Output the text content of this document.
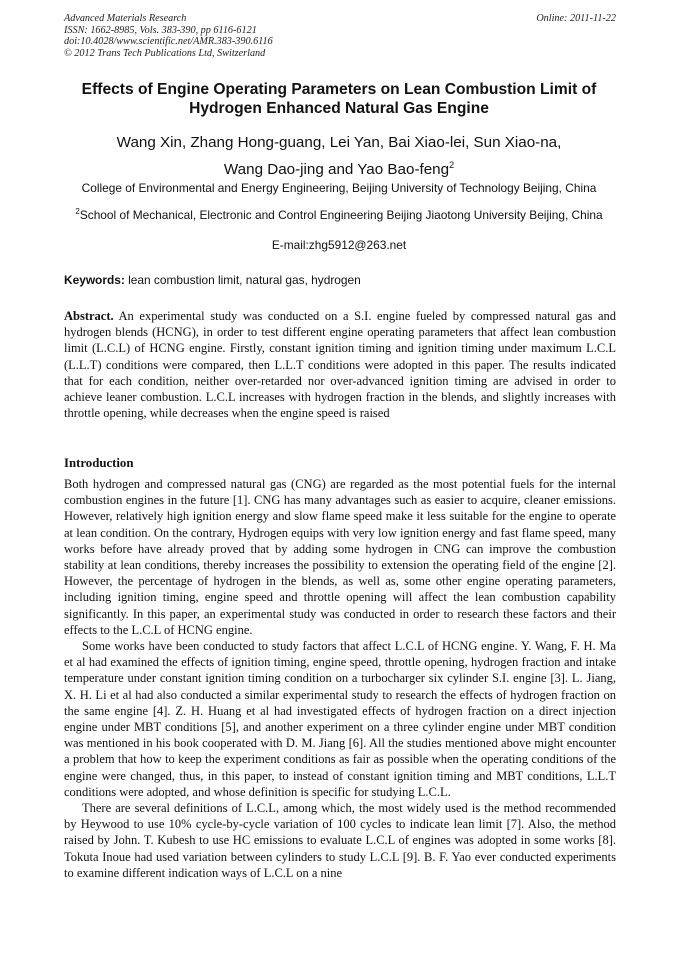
Advanced Materials Research
ISSN: 1662-8985, Vols. 383-390, pp 6116-6121
doi:10.4028/www.scientific.net/AMR.383-390.6116
© 2012 Trans Tech Publications Ltd, Switzerland
Online: 2011-11-22
Effects of Engine Operating Parameters on Lean Combustion Limit of
Hydrogen Enhanced Natural Gas Engine
Wang Xin, Zhang Hong-guang, Lei Yan, Bai Xiao-lei, Sun Xiao-na,
Wang Dao-jing and Yao Bao-feng$^2$
College of Environmental and Energy Engineering, Beijing University of Technology Beijing, China
$^2$School of Mechanical, Electronic and Control Engineering Beijing Jiaotong University Beijing, China
E-mail:zhg5912@263.net
Keywords: lean combustion limit, natural gas, hydrogen

Abstract. An experimental study was conducted on a S.I. engine fueled by compressed natural gas and hydrogen blends (HCNG), in order to test different engine operating parameters that affect lean combustion limit (L.C.L) of HCNG engine. Firstly, constant ignition timing and ignition timing under maximum L.C.L (L.L.T) conditions were compared, then L.L.T conditions were adopted in this paper. The results indicated that for each condition, neither over-retarded nor over-advanced ignition timing are advised in order to achieve leaner combustion. L.C.L increases with hydrogen fraction in the blends, and slightly increases with throttle opening, while decreases when the engine speed is raised

Introduction

Both hydrogen and compressed natural gas (CNG) are regarded as the most potential fuels for the internal combustion engines in the future [1]. CNG has many advantages such as easier to acquire, cleaner emissions. However, relatively high ignition energy and slow flame speed make it less suitable for the engine to operate at lean condition. On the contrary, Hydrogen equips with very low ignition energy and fast flame speed, many works before have already proved that by adding some hydrogen in CNG can improve the combustion stability at lean conditions, thereby increases the possibility to extension the operating field of the engine [2]. However, the percentage of hydrogen in the blends, as well as, some other engine operating parameters, including ignition timing, engine speed and throttle opening will affect the lean combustion capability significantly. In this paper, an experimental study was conducted in order to research these factors and their effects to the L.C.L of HCNG engine.

Some works have been conducted to study factors that affect L.C.L of HCNG engine. Y. Wang, F. H. Ma et al had examined the effects of ignition timing, engine speed, throttle opening, hydrogen fraction and intake temperature under constant ignition timing condition on a turbocharger six cylinder S.I. engine [3]. L. Jiang, X. H. Li et al had also conducted a similar experimental study to research the effects of hydrogen fraction on the same engine [4]. Z. H. Huang et al had investigated effects of hydrogen fraction on a direct injection engine under MBT conditions [5], and another experiment on a three cylinder engine under MBT condition was mentioned in his book cooperated with D. M. Jiang [6]. All the studies mentioned above might encounter a problem that how to keep the experiment conditions as fair as possible when the operating conditions of the engine were changed, thus, in this paper, to instead of constant ignition timing and MBT conditions, L.L.T conditions were adopted, and whose definition is specific for studying L.C.L.

There are several definitions of L.C.L, among which, the most widely used is the method recommended by Heywood to use 10% cycle-by-cycle variation of 100 cycles to indicate lean limit [7]. Also, the method raised by John. T. Kubesh to use HC emissions to evaluate L.C.L of engines was adopted in some works [8]. Tokuta Inoue had used variation between cylinders to study L.C.L [9]. B. F. Yao ever conducted experiments to examine different indication ways of L.C.L on a nine
